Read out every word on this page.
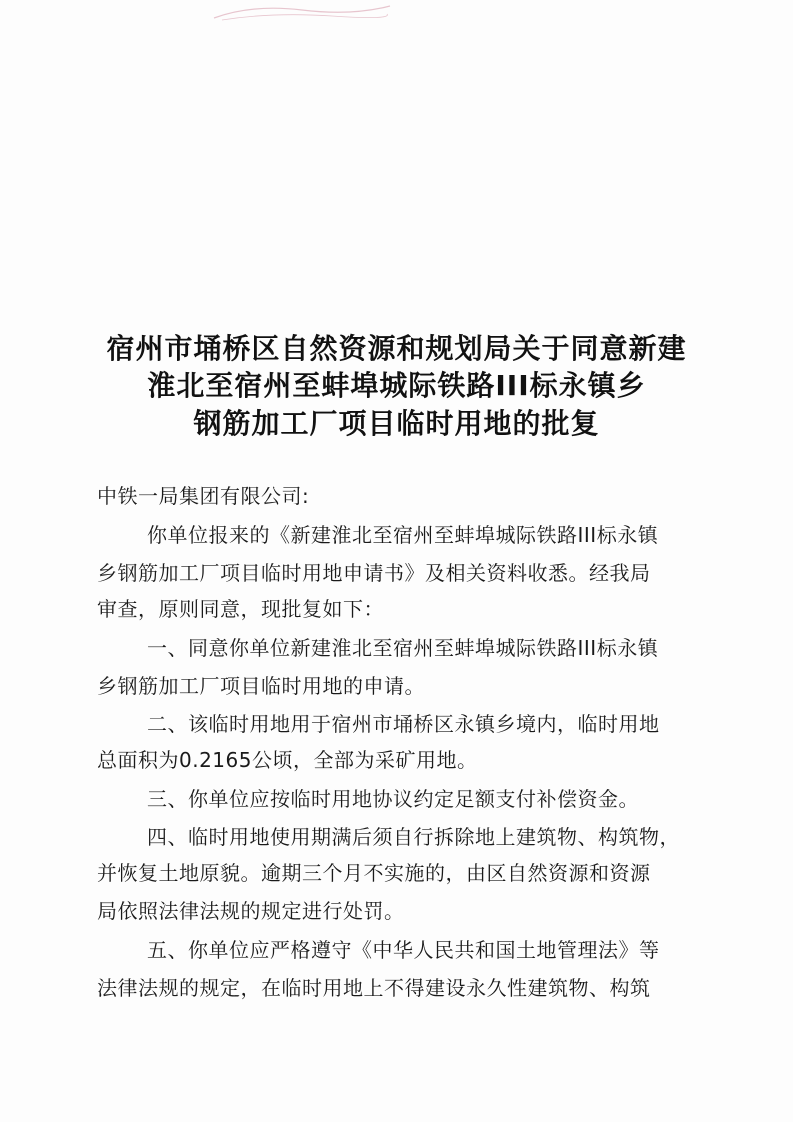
宿州市埇桥区自然资源和规划局关于同意新建
淮北至宿州至蚌埠城际铁路III标永镇乡
钢筋加工厂项目临时用地的批复
中铁一局集团有限公司:
你单位报来的《新建淮北至宿州至蚌埠城际铁路III标永镇
乡钢筋加工厂项目临时用地申请书》及相关资料收悉。经我局
审查，原则同意，现批复如下：
一、同意你单位新建淮北至宿州至蚌埠城际铁路III标永镇
乡钢筋加工厂项目临时用地的申请。
二、该临时用地用于宿州市埇桥区永镇乡境内，临时用地
总面积为0.2165公顷，全部为采矿用地。
三、你单位应按临时用地协议约定足额支付补偿资金。
四、临时用地使用期满后须自行拆除地上建筑物、构筑物，
并恢复土地原貌。逾期三个月不实施的，由区自然资源和资源
局依照法律法规的规定进行处罚。
五、你单位应严格遵守《中华人民共和国土地管理法》等
法律法规的规定，在临时用地上不得建设永久性建筑物、构筑
